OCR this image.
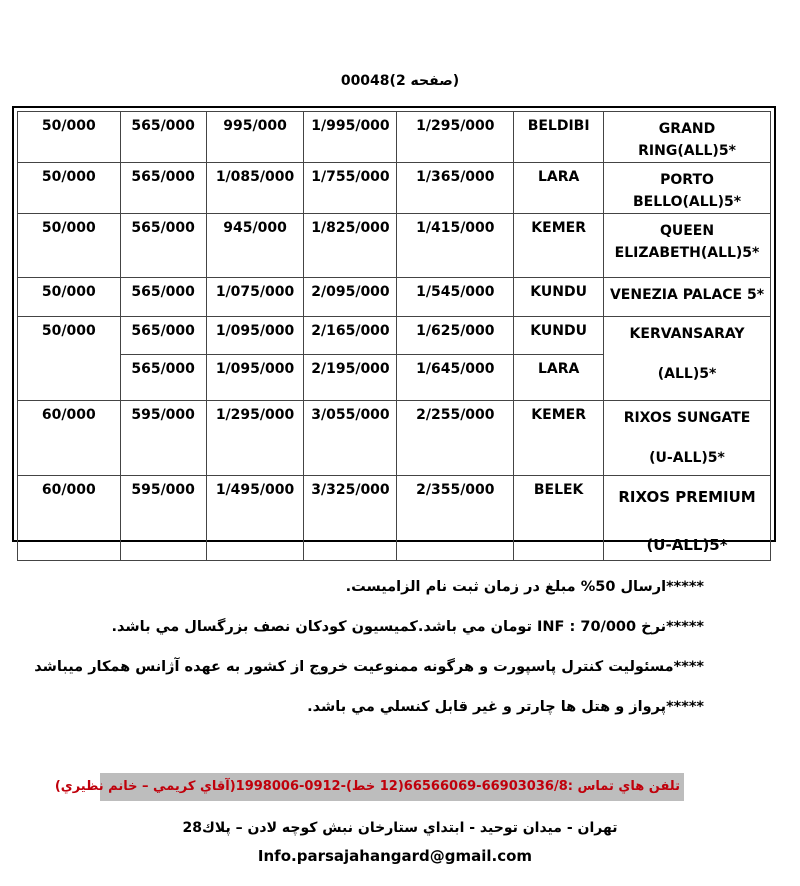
00048(صفحه 2)
50/000	565/000	995/000	1/995/000	1/295/000	BELDIBI	GRAND RING(ALL)5*
50/000	565/000	1/085/000	1/755/000	1/365/000	LARA	PORTO BELLO(ALL)5*
50/000	565/000	945/000	1/825/000	1/415/000	KEMER	QUEEN
ELIZABETH(ALL)5*

50/000	565/000	1/075/000	2/095/000	1/545/000	KUNDU	VENEZIA PALACE 5*
50/000	565/000	1/095/000	2/165/000	1/625/000	KUNDU	KERVANSARAY
(ALL)5*

	565/000	1/095/000	2/195/000	1/645/000	LARA	
60/000	595/000	1/295/000	3/055/000	2/255/000	KEMER	RIXOS SUNGATE
(U-ALL)5*

60/000	595/000	1/495/000	3/325/000	2/355/000	BELEK	RIXOS PREMIUM
(U-ALL)5*
*****ارسال 50% مبلغ در زمان ثبت نام الزاميست.
*****نرخ INF : 70/000 تومان مي باشد.كميسيون كودكان نصف بزرگسال مي باشد.
****مسئوليت كنترل پاسپورت و هرگونه ممنوعيت خروج از كشور به عهده آژانس همكار ميباشد
*****پرواز و هتل ها چارتر و غير قابل كنسلي مي باشد.
تلفن هاي تماس :66903036/8-66566069(12 خط)-0912-1998006(آقاي كريمي – خانم نظيري)
تهران - ميدان توحيد - ابتداي ستارخان نبش كوچه لادن – پلاك28
Info.parsajahangard@gmail.com
